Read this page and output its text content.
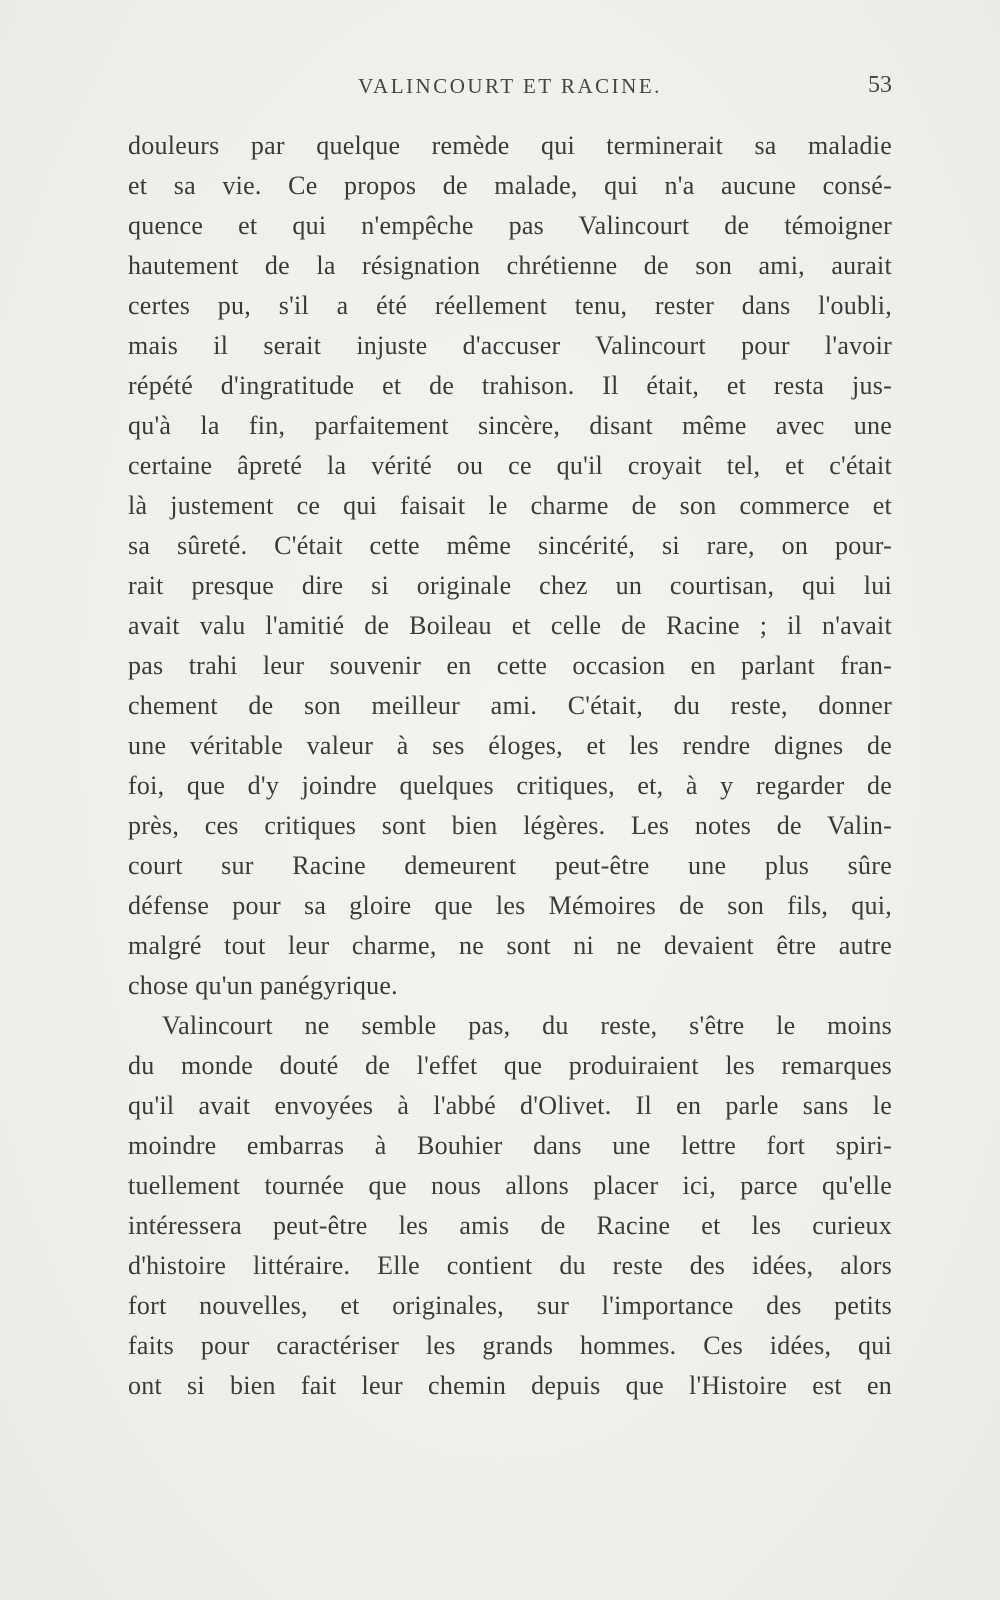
VALINCOURT ET RACINE.	53
douleurs par quelque remède qui terminerait sa maladie
et sa vie. Ce propos de malade, qui n'a aucune consé-
quence et qui n'empêche pas Valincourt de témoigner
hautement de la résignation chrétienne de son ami, aurait
certes pu, s'il a été réellement tenu, rester dans l'oubli,
mais il serait injuste d'accuser Valincourt pour l'avoir
répété d'ingratitude et de trahison. Il était, et resta jus-
qu'à la fin, parfaitement sincère, disant même avec une
certaine âpreté la vérité ou ce qu'il croyait tel, et c'était
là justement ce qui faisait le charme de son commerce et
sa sûreté. C'était cette même sincérité, si rare, on pour-
rait presque dire si originale chez un courtisan, qui lui
avait valu l'amitié de Boileau et celle de Racine ; il n'avait
pas trahi leur souvenir en cette occasion en parlant fran-
chement de son meilleur ami. C'était, du reste, donner
une véritable valeur à ses éloges, et les rendre dignes de
foi, que d'y joindre quelques critiques, et, à y regarder de
près, ces critiques sont bien légères. Les notes de Valin-
court sur Racine demeurent peut-être une plus sûre
défense pour sa gloire que les Mémoires de son fils, qui,
malgré tout leur charme, ne sont ni ne devaient être autre
chose qu'un panégyrique.
Valincourt ne semble pas, du reste, s'être le moins
du monde douté de l'effet que produiraient les remarques
qu'il avait envoyées à l'abbé d'Olivet. Il en parle sans le
moindre embarras à Bouhier dans une lettre fort spiri-
tuellement tournée que nous allons placer ici, parce qu'elle
intéressera peut-être les amis de Racine et les curieux
d'histoire littéraire. Elle contient du reste des idées, alors
fort nouvelles, et originales, sur l'importance des petits
faits pour caractériser les grands hommes. Ces idées, qui
ont si bien fait leur chemin depuis que l'Histoire est en
